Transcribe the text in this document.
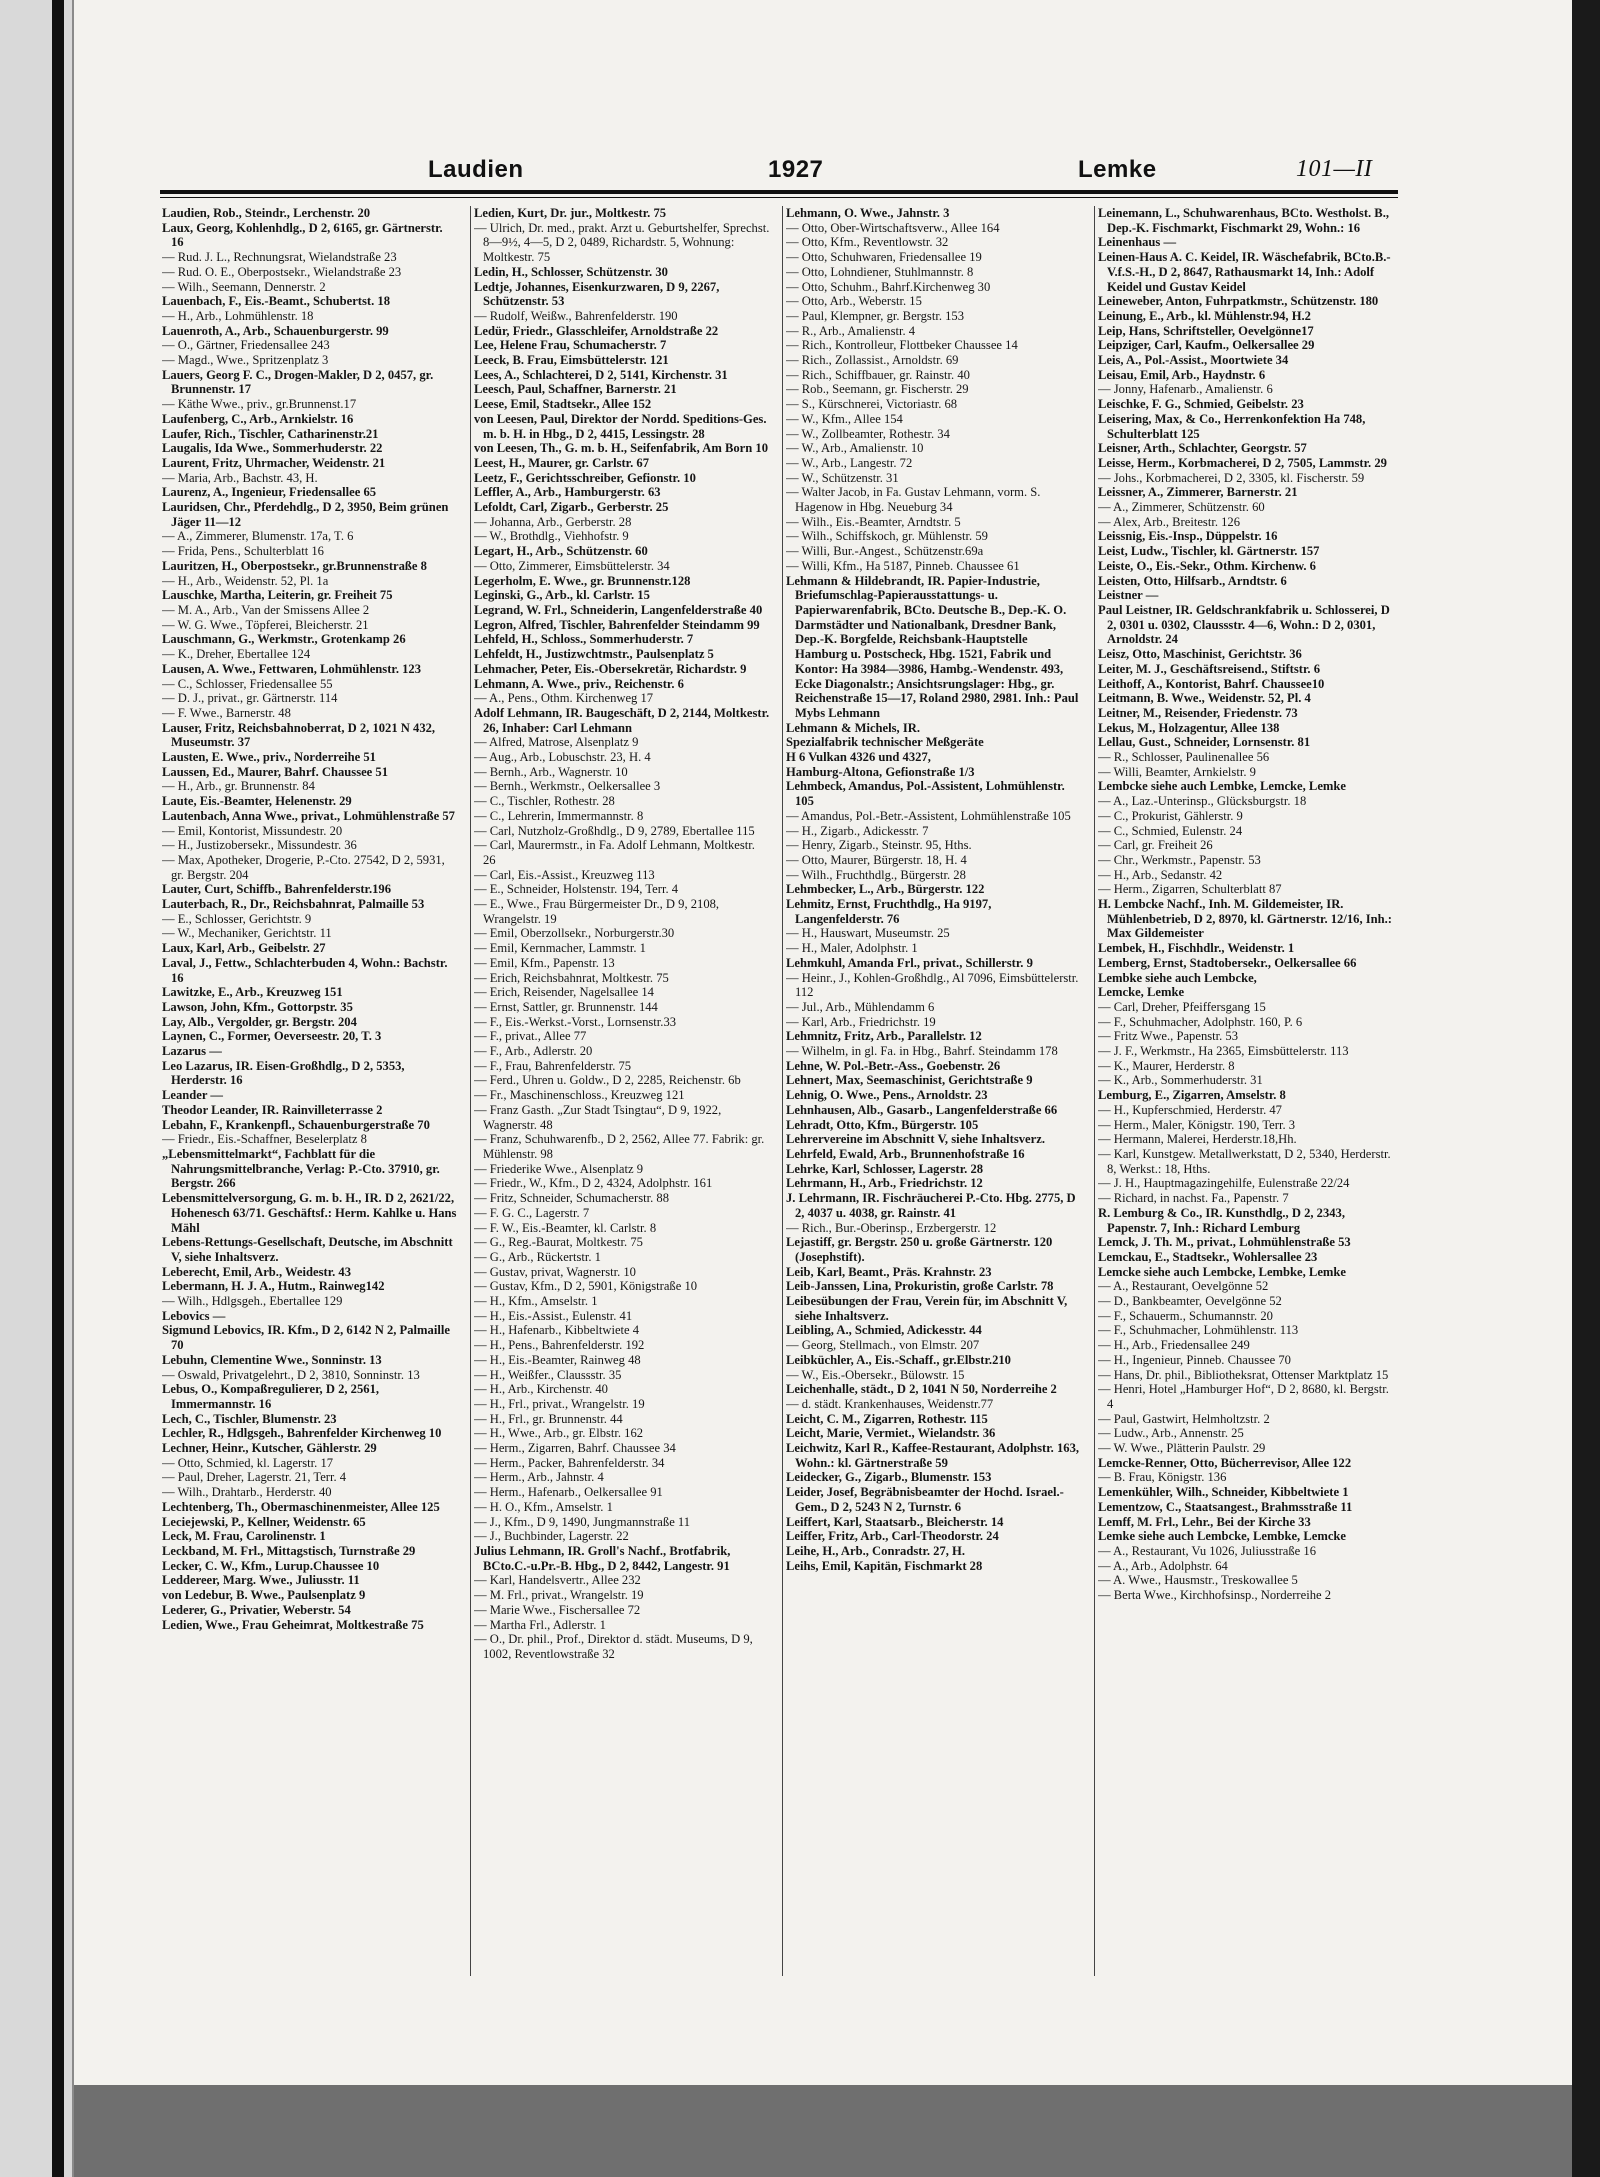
Laudien	1927	Lemke	101—II

Laudien, Rob., Steindr., Lerchenstr. 20

Laux, Georg, Kohlenhdlg., D 2, 6165, gr. Gärtnerstr. 16

— Rud. J. L., Rechnungsrat, Wielandstraße 23

— Rud. O. E., Oberpostsekr., Wielandstraße 23

— Wilh., Seemann, Dennerstr. 2

Lauenbach, F., Eis.-Beamt., Schubertst. 18

— H., Arb., Lohmühlenstr. 18

Lauenroth, A., Arb., Schauenburgerstr. 99

— O., Gärtner, Friedensallee 243

— Magd., Wwe., Spritzenplatz 3

Lauers, Georg F. C., Drogen-Makler, D 2, 0457, gr. Brunnenstr. 17

— Käthe Wwe., priv., gr.Brunnenst.17

Laufenberg, C., Arb., Arnkielstr. 16

Laufer, Rich., Tischler, Catharinenstr.21

Laugalis, Ida Wwe., Sommerhuderstr. 22

Laurent, Fritz, Uhrmacher, Weidenstr. 21

— Maria, Arb., Bachstr. 43, H.

Laurenz, A., Ingenieur, Friedensallee 65

Lauridsen, Chr., Pferdehdlg., D 2, 3950, Beim grünen Jäger 11—12

— A., Zimmerer, Blumenstr. 17a, T. 6

— Frida, Pens., Schulterblatt 16

Lauritzen, H., Oberpostsekr., gr.Brunnenstraße 8

— H., Arb., Weidenstr. 52, Pl. 1a

Lauschke, Martha, Leiterin, gr. Freiheit 75

— M. A., Arb., Van der Smissens Allee 2

— W. G. Wwe., Töpferei, Bleicherstr. 21

Lauschmann, G., Werkmstr., Grotenkamp 26

— K., Dreher, Ebertallee 124

Lausen, A. Wwe., Fettwaren, Lohmühlenstr. 123

— C., Schlosser, Friedensallee 55

— D. J., privat., gr. Gärtnerstr. 114

— F. Wwe., Barnerstr. 48

Lauser, Fritz, Reichsbahnoberrat, D 2, 1021 N 432, Museumstr. 37

Lausten, E. Wwe., priv., Norderreihe 51

Laussen, Ed., Maurer, Bahrf. Chaussee 51

— H., Arb., gr. Brunnenstr. 84

Laute, Eis.-Beamter, Helenenstr. 29

Lautenbach, Anna Wwe., privat., Lohmühlenstraße 57

— Emil, Kontorist, Missundestr. 20

— H., Justizobersekr., Missundestr. 36

— Max, Apotheker, Drogerie, P.-Cto. 27542, D 2, 5931, gr. Bergstr. 204

Lauter, Curt, Schiffb., Bahrenfelderstr.196

Lauterbach, R., Dr., Reichsbahnrat, Palmaille 53

— E., Schlosser, Gerichtstr. 9

— W., Mechaniker, Gerichtstr. 11

Laux, Karl, Arb., Geibelstr. 27

Laval, J., Fettw., Schlachterbuden 4, Wohn.: Bachstr. 16

Lawitzke, E., Arb., Kreuzweg 151

Lawson, John, Kfm., Gottorpstr. 35

Lay, Alb., Vergolder, gr. Bergstr. 204

Laynen, C., Former, Oeverseestr. 20, T. 3

Lazarus —

Leo Lazarus, IR. Eisen-Großhdlg., D 2, 5353, Herderstr. 16

Leander —

Theodor Leander, IR. Rainvilleterrasse 2

Lebahn, F., Krankenpfl., Schauenburgerstraße 70

— Friedr., Eis.-Schaffner, Beselerplatz 8

„Lebensmittelmarkt“, Fachblatt für die Nahrungsmittelbranche, Verlag: P.-Cto. 37910, gr. Bergstr. 266

Lebensmittelversorgung, G. m. b. H., IR. D 2, 2621/22, Hohenesch 63/71. Geschäftsf.: Herm. Kahlke u. Hans Mähl

Lebens-Rettungs-Gesellschaft, Deutsche, im Abschnitt V, siehe Inhaltsverz.

Leberecht, Emil, Arb., Weidestr. 43

Lebermann, H. J. A., Hutm., Rainweg142

— Wilh., Hdlgsgeh., Ebertallee 129

Lebovics —

Sigmund Lebovics, IR. Kfm., D 2, 6142 N 2, Palmaille 70

Lebuhn, Clementine Wwe., Sonninstr. 13

— Oswald, Privatgelehrt., D 2, 3810, Sonninstr. 13

Lebus, O., Kompaßregulierer, D 2, 2561, Immermannstr. 16

Lech, C., Tischler, Blumenstr. 23

Lechler, R., Hdlgsgeh., Bahrenfelder Kirchenweg 10

Lechner, Heinr., Kutscher, Gählerstr. 29

— Otto, Schmied, kl. Lagerstr. 17

— Paul, Dreher, Lagerstr. 21, Terr. 4

— Wilh., Drahtarb., Herderstr. 40

Lechtenberg, Th., Obermaschinenmeister, Allee 125

Leciejewski, P., Kellner, Weidenstr. 65

Leck, M. Frau, Carolinenstr. 1

Leckband, M. Frl., Mittagstisch, Turnstraße 29

Lecker, C. W., Kfm., Lurup.Chaussee 10

Leddereer, Marg. Wwe., Juliusstr. 11

von Ledebur, B. Wwe., Paulsenplatz 9

Lederer, G., Privatier, Weberstr. 54

Ledien, Wwe., Frau Geheimrat, Moltkestraße 75

Ledien, Kurt, Dr. jur., Moltkestr. 75

— Ulrich, Dr. med., prakt. Arzt u. Geburtshelfer, Sprechst. 8—9½, 4—5, D 2, 0489, Richardstr. 5, Wohnung: Moltkestr. 75

Ledin, H., Schlosser, Schützenstr. 30

Ledtje, Johannes, Eisenkurzwaren, D 9, 2267, Schützenstr. 53

— Rudolf, Weißw., Bahrenfelderstr. 190

Ledür, Friedr., Glasschleifer, Arnoldstraße 22

Lee, Helene Frau, Schumacherstr. 7

Leeck, B. Frau, Eimsbüttelerstr. 121

Lees, A., Schlachterei, D 2, 5141, Kirchenstr. 31

Leesch, Paul, Schaffner, Barnerstr. 21

Leese, Emil, Stadtsekr., Allee 152

von Leesen, Paul, Direktor der Nordd. Speditions-Ges. m. b. H. in Hbg., D 2, 4415, Lessingstr. 28

von Leesen, Th., G. m. b. H., Seifenfabrik, Am Born 10

Leest, H., Maurer, gr. Carlstr. 67

Leetz, F., Gerichtsschreiber, Gefionstr. 10

Leffler, A., Arb., Hamburgerstr. 63

Lefoldt, Carl, Zigarb., Gerberstr. 25

— Johanna, Arb., Gerberstr. 28

— W., Brothdlg., Viehhofstr. 9

Legart, H., Arb., Schützenstr. 60

— Otto, Zimmerer, Eimsbüttelerstr. 34

Legerholm, E. Wwe., gr. Brunnenstr.128

Leginski, G., Arb., kl. Carlstr. 15

Legrand, W. Frl., Schneiderin, Langenfelderstraße 40

Legron, Alfred, Tischler, Bahrenfelder Steindamm 99

Lehfeld, H., Schloss., Sommerhuderstr. 7

Lehfeldt, H., Justizwchtmstr., Paulsenplatz 5

Lehmacher, Peter, Eis.-Obersekretär, Richardstr. 9

Lehmann, A. Wwe., priv., Reichenstr. 6

— A., Pens., Othm. Kirchenweg 17

Adolf Lehmann, IR. Baugeschäft, D 2, 2144, Moltkestr. 26, Inhaber: Carl Lehmann

— Alfred, Matrose, Alsenplatz 9

— Aug., Arb., Lobuschstr. 23, H. 4

— Bernh., Arb., Wagnerstr. 10

— Bernh., Werkmstr., Oelkersallee 3

— C., Tischler, Rothestr. 28

— C., Lehrerin, Immermannstr. 8

— Carl, Nutzholz-Großhdlg., D 9, 2789, Ebertallee 115

— Carl, Maurermstr., in Fa. Adolf Lehmann, Moltkestr. 26

— Carl, Eis.-Assist., Kreuzweg 113

— E., Schneider, Holstenstr. 194, Terr. 4

— E., Wwe., Frau Bürgermeister Dr., D 9, 2108, Wrangelstr. 19

— Emil, Oberzollsekr., Norburgerstr.30

— Emil, Kernmacher, Lammstr. 1

— Emil, Kfm., Papenstr. 13

— Erich, Reichsbahnrat, Moltkestr. 75

— Erich, Reisender, Nagelsallee 14

— Ernst, Sattler, gr. Brunnenstr. 144

— F., Eis.-Werkst.-Vorst., Lornsenstr.33

— F., privat., Allee 77

— F., Arb., Adlerstr. 20

— F., Frau, Bahrenfelderstr. 75

— Ferd., Uhren u. Goldw., D 2, 2285, Reichenstr. 6b

— Fr., Maschinenschloss., Kreuzweg 121

— Franz Gasth. „Zur Stadt Tsingtau“, D 9, 1922, Wagnerstr. 48

— Franz, Schuhwarenfb., D 2, 2562, Allee 77. Fabrik: gr. Mühlenstr. 98

— Friederike Wwe., Alsenplatz 9

— Friedr., W., Kfm., D 2, 4324, Adolphstr. 161

— Fritz, Schneider, Schumacherstr. 88

— F. G. C., Lagerstr. 7

— F. W., Eis.-Beamter, kl. Carlstr. 8

— G., Reg.-Baurat, Moltkestr. 75

— G., Arb., Rückertstr. 1

— Gustav, privat, Wagnerstr. 10

— Gustav, Kfm., D 2, 5901, Königstraße 10

— H., Kfm., Amselstr. 1

— H., Eis.-Assist., Eulenstr. 41

— H., Hafenarb., Kibbeltwiete 4

— H., Pens., Bahrenfelderstr. 192

— H., Eis.-Beamter, Rainweg 48

— H., Weißfer., Claussstr. 35

— H., Arb., Kirchenstr. 40

— H., Frl., privat., Wrangelstr. 19

— H., Frl., gr. Brunnenstr. 44

— H., Wwe., Arb., gr. Elbstr. 162

— Herm., Zigarren, Bahrf. Chaussee 34

— Herm., Packer, Bahrenfelderstr. 34

— Herm., Arb., Jahnstr. 4

— Herm., Hafenarb., Oelkersallee 91

— H. O., Kfm., Amselstr. 1

— J., Kfm., D 9, 1490, Jungmannstraße 11

— J., Buchbinder, Lagerstr. 22

Julius Lehmann, IR. Groll's Nachf., Brotfabrik, BCto.C.-u.Pr.-B. Hbg., D 2, 8442, Langestr. 91

— Karl, Handelsvertr., Allee 232

— M. Frl., privat., Wrangelstr. 19

— Marie Wwe., Fischersallee 72

— Martha Frl., Adlerstr. 1

— O., Dr. phil., Prof., Direktor d. städt. Museums, D 9, 1002, Reventlowstraße 32

Lehmann, O. Wwe., Jahnstr. 3

— Otto, Ober-Wirtschaftsverw., Allee 164

— Otto, Kfm., Reventlowstr. 32

— Otto, Schuhwaren, Friedensallee 19

— Otto, Lohndiener, Stuhlmannstr. 8

— Otto, Schuhm., Bahrf.Kirchenweg 30

— Otto, Arb., Weberstr. 15

— Paul, Klempner, gr. Bergstr. 153

— R., Arb., Amalienstr. 4

— Rich., Kontrolleur, Flottbeker Chaussee 14

— Rich., Zollassist., Arnoldstr. 69

— Rich., Schiffbauer, gr. Rainstr. 40

— Rob., Seemann, gr. Fischerstr. 29

— S., Kürschnerei, Victoriastr. 68

— W., Kfm., Allee 154

— W., Zollbeamter, Rothestr. 34

— W., Arb., Amalienstr. 10

— W., Arb., Langestr. 72

— W., Schützenstr. 31

— Walter Jacob, in Fa. Gustav Lehmann, vorm. S. Hagenow in Hbg. Neueburg 34

— Wilh., Eis.-Beamter, Arndtstr. 5

— Wilh., Schiffskoch, gr. Mühlenstr. 59

— Willi, Bur.-Angest., Schützenstr.69a

— Willi, Kfm., Ha 5187, Pinneb. Chaussee 61

Lehmann & Hildebrandt, IR. Papier-Industrie, Briefumschlag-Papierausstattungs- u. Papierwarenfabrik, BCto. Deutsche B., Dep.-K. O. Darmstädter und Nationalbank, Dresdner Bank, Dep.-K. Borgfelde, Reichsbank-Hauptstelle Hamburg u. Postscheck, Hbg. 1521, Fabrik und Kontor: Ha 3984—3986, Hambg.-Wendenstr. 493, Ecke Diagonalstr.; Ansichtsrungslager: Hbg., gr. Reichenstraße 15—17, Roland 2980, 2981. Inh.: Paul Mybs Lehmann

Lehmann & Michels, IR.

Spezialfabrik technischer Meßgeräte

H 6 Vulkan 4326 und 4327,

Hamburg-Altona, Gefionstraße 1/3

Lehmbeck, Amandus, Pol.-Assistent, Lohmühlenstr. 105

— Amandus, Pol.-Betr.-Assistent, Lohmühlenstraße 105

— H., Zigarb., Adickesstr. 7

— Henry, Zigarb., Steinstr. 95, Hths.

— Otto, Maurer, Bürgerstr. 18, H. 4

— Wilh., Fruchthdlg., Bürgerstr. 28

Lehmbecker, L., Arb., Bürgerstr. 122

Lehmitz, Ernst, Fruchthdlg., Ha 9197, Langenfelderstr. 76

— H., Hauswart, Museumstr. 25

— H., Maler, Adolphstr. 1

Lehmkuhl, Amanda Frl., privat., Schillerstr. 9

— Heinr., J., Kohlen-Großhdlg., Al 7096, Eimsbüttelerstr. 112

— Jul., Arb., Mühlendamm 6

— Karl, Arb., Friedrichstr. 19

Lehmnitz, Fritz, Arb., Parallelstr. 12

— Wilhelm, in gl. Fa. in Hbg., Bahrf. Steindamm 178

Lehne, W. Pol.-Betr.-Ass., Goebenstr. 26

Lehnert, Max, Seemaschinist, Gerichtstraße 9

Lehnig, O. Wwe., Pens., Arnoldstr. 23

Lehnhausen, Alb., Gasarb., Langenfelderstraße 66

Lehradt, Otto, Kfm., Bürgerstr. 105

Lehrervereine im Abschnitt V, siehe Inhaltsverz.

Lehrfeld, Ewald, Arb., Brunnenhofstraße 16

Lehrke, Karl, Schlosser, Lagerstr. 28

Lehrmann, H., Arb., Friedrichstr. 12

J. Lehrmann, IR. Fischräucherei P.-Cto. Hbg. 2775, D 2, 4037 u. 4038, gr. Rainstr. 41

— Rich., Bur.-Oberinsp., Erzbergerstr. 12

Lejastiff, gr. Bergstr. 250 u. große Gärtnerstr. 120 (Josephstift).

Leib, Karl, Beamt., Präs. Krahnstr. 23

Leib-Janssen, Lina, Prokuristin, große Carlstr. 78

Leibesübungen der Frau, Verein für, im Abschnitt V, siehe Inhaltsverz.

Leibling, A., Schmied, Adickesstr. 44

— Georg, Stellmach., von Elmstr. 207

Leibküchler, A., Eis.-Schaff., gr.Elbstr.210

— W., Eis.-Obersekr., Bülowstr. 15

Leichenhalle, städt., D 2, 1041 N 50, Norderreihe 2

— d. städt. Krankenhauses, Weidenstr.77

Leicht, C. M., Zigarren, Rothestr. 115

Leicht, Marie, Vermiet., Wielandstr. 36

Leichwitz, Karl R., Kaffee-Restaurant, Adolphstr. 163, Wohn.: kl. Gärtnerstraße 59

Leidecker, G., Zigarb., Blumenstr. 153

Leider, Josef, Begräbnisbeamter der Hochd. Israel.-Gem., D 2, 5243 N 2, Turnstr. 6

Leiffert, Karl, Staatsarb., Bleicherstr. 14

Leiffer, Fritz, Arb., Carl-Theodorstr. 24

Leihe, H., Arb., Conradstr. 27, H.

Leihs, Emil, Kapitän, Fischmarkt 28

Leinemann, L., Schuhwarenhaus, BCto. Westholst. B., Dep.-K. Fischmarkt, Fischmarkt 29, Wohn.: 16

Leinenhaus —

Leinen-Haus A. C. Keidel, IR. Wäschefabrik, BCto.B.-V.f.S.-H., D 2, 8647, Rathausmarkt 14, Inh.: Adolf Keidel und Gustav Keidel

Leineweber, Anton, Fuhrpatkmstr., Schützenstr. 180

Leinung, E., Arb., kl. Mühlenstr.94, H.2

Leip, Hans, Schriftsteller, Oevelgönne17

Leipziger, Carl, Kaufm., Oelkersallee 29

Leis, A., Pol.-Assist., Moortwiete 34

Leisau, Emil, Arb., Haydnstr. 6

— Jonny, Hafenarb., Amalienstr. 6

Leischke, F. G., Schmied, Geibelstr. 23

Leisering, Max, & Co., Herrenkonfektion Ha 748, Schulterblatt 125

Leisner, Arth., Schlachter, Georgstr. 57

Leisse, Herm., Korbmacherei, D 2, 7505, Lammstr. 29

— Johs., Korbmacherei, D 2, 3305, kl. Fischerstr. 59

Leissner, A., Zimmerer, Barnerstr. 21

— A., Zimmerer, Schützenstr. 60

— Alex, Arb., Breitestr. 126

Leissnig, Eis.-Insp., Düppelstr. 16

Leist, Ludw., Tischler, kl. Gärtnerstr. 157

Leiste, O., Eis.-Sekr., Othm. Kirchenw. 6

Leisten, Otto, Hilfsarb., Arndtstr. 6

Leistner —

Paul Leistner, IR. Geldschrankfabrik u. Schlosserei, D 2, 0301 u. 0302, Claussstr. 4—6, Wohn.: D 2, 0301, Arnoldstr. 24

Leisz, Otto, Maschinist, Gerichtstr. 36

Leiter, M. J., Geschäftsreisend., Stiftstr. 6

Leithoff, A., Kontorist, Bahrf. Chaussee10

Leitmann, B. Wwe., Weidenstr. 52, Pl. 4

Leitner, M., Reisender, Friedenstr. 73

Lekus, M., Holzagentur, Allee 138

Lellau, Gust., Schneider, Lornsenstr. 81

— R., Schlosser, Paulinenallee 56

— Willi, Beamter, Arnkielstr. 9

Lembcke siehe auch Lembke, Lemcke, Lemke

— A., Laz.-Unterinsp., Glücksburgstr. 18

— C., Prokurist, Gählerstr. 9

— C., Schmied, Eulenstr. 24

— Carl, gr. Freiheit 26

— Chr., Werkmstr., Papenstr. 53

— H., Arb., Sedanstr. 42

— Herm., Zigarren, Schulterblatt 87

H. Lembcke Nachf., Inh. M. Gildemeister, IR. Mühlenbetrieb, D 2, 8970, kl. Gärtnerstr. 12/16, Inh.: Max Gildemeister

Lembek, H., Fischhdlr., Weidenstr. 1

Lemberg, Ernst, Stadtobersekr., Oelkersallee 66

Lembke siehe auch Lembcke,

Lemcke, Lemke

— Carl, Dreher, Pfeiffersgang 15

— F., Schuhmacher, Adolphstr. 160, P. 6

— Fritz Wwe., Papenstr. 53

— J. F., Werkmstr., Ha 2365, Eimsbüttelerstr. 113

— K., Maurer, Herderstr. 8

— K., Arb., Sommerhuderstr. 31

Lemburg, E., Zigarren, Amselstr. 8

— H., Kupferschmied, Herderstr. 47

— Herm., Maler, Königstr. 190, Terr. 3

— Hermann, Malerei, Herderstr.18,Hh.

— Karl, Kunstgew. Metallwerkstatt, D 2, 5340, Herderstr. 8, Werkst.: 18, Hths.

— J. H., Hauptmagazingehilfe, Eulenstraße 22/24

— Richard, in nachst. Fa., Papenstr. 7

R. Lemburg & Co., IR. Kunsthdlg., D 2, 2343, Papenstr. 7, Inh.: Richard Lemburg

Lemck, J. Th. M., privat., Lohmühlenstraße 53

Lemckau, E., Stadtsekr., Wohlersallee 23

Lemcke siehe auch Lembcke, Lembke, Lemke

— A., Restaurant, Oevelgönne 52

— D., Bankbeamter, Oevelgönne 52

— F., Schauerm., Schumannstr. 20

— F., Schuhmacher, Lohmühlenstr. 113

— H., Arb., Friedensallee 249

— H., Ingenieur, Pinneb. Chaussee 70

— Hans, Dr. phil., Bibliotheksrat, Ottenser Marktplatz 15

— Henri, Hotel „Hamburger Hof“, D 2, 8680, kl. Bergstr. 4

— Paul, Gastwirt, Helmholtzstr. 2

— Ludw., Arb., Annenstr. 25

— W. Wwe., Plätterin Paulstr. 29

Lemcke-Renner, Otto, Bücherrevisor, Allee 122

— B. Frau, Königstr. 136

Lemenkühler, Wilh., Schneider, Kibbeltwiete 1

Lementzow, C., Staatsangest., Brahmsstraße 11

Lemff, M. Frl., Lehr., Bei der Kirche 33

Lemke siehe auch Lembcke, Lembke, Lemcke

— A., Restaurant, Vu 1026, Juliusstraße 16

— A., Arb., Adolphstr. 64

— A. Wwe., Hausmstr., Treskowallee 5

— Berta Wwe., Kirchhofsinsp., Norderreihe 2
